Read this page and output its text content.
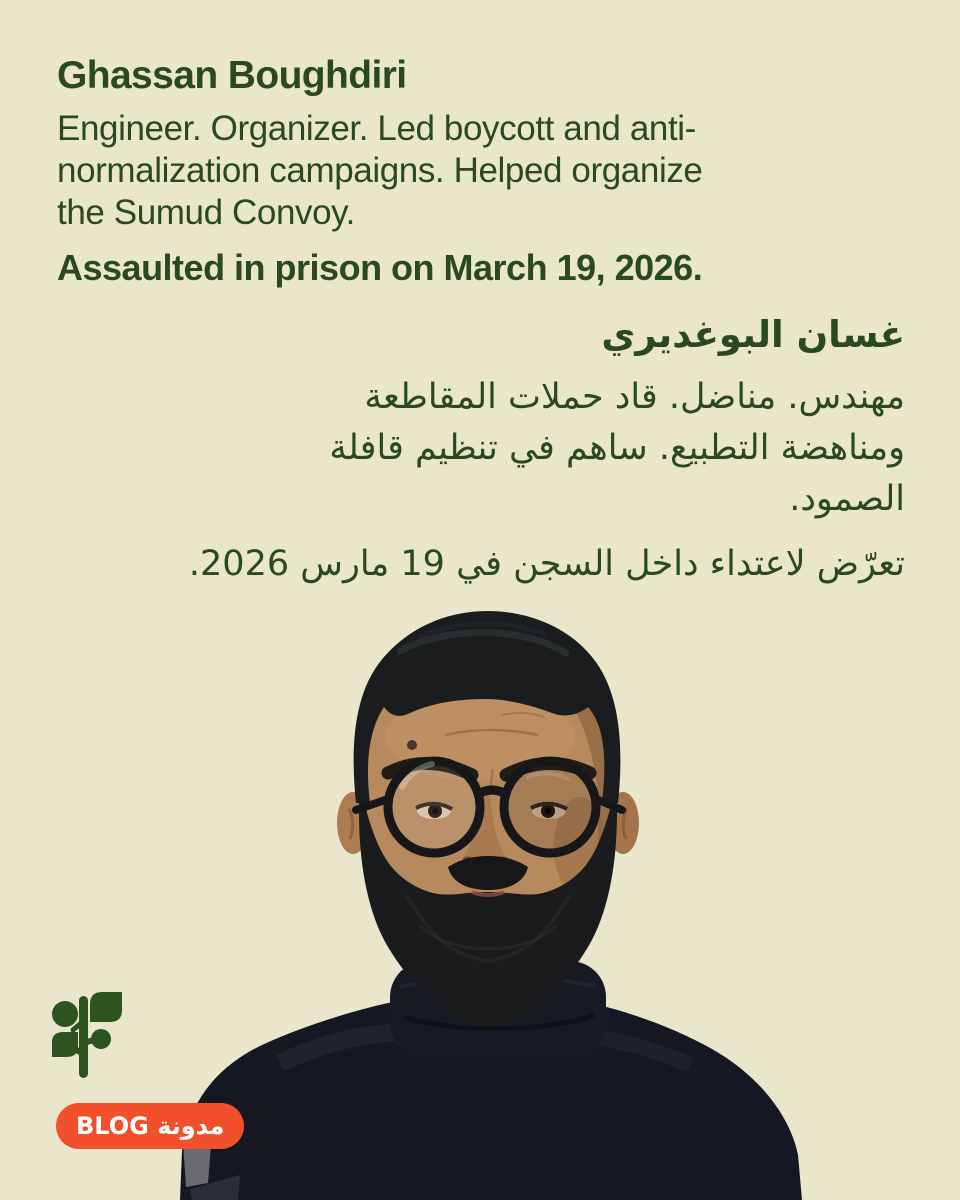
Ghassan Boughdiri

Engineer. Organizer. Led boycott and anti-
normalization campaigns. Helped organize
the Sumud Convoy.

Assaulted in prison on March 19, 2026.

غسان البوغديري

مهندس. مناضل. قاد حملات المقاطعة
ومناهضة التطبيع. ساهم في تنظيم قافلة
الصمود.

تعرّض لاعتداء داخل السجن في 19 مارس 2026.

مدونة BLOG
